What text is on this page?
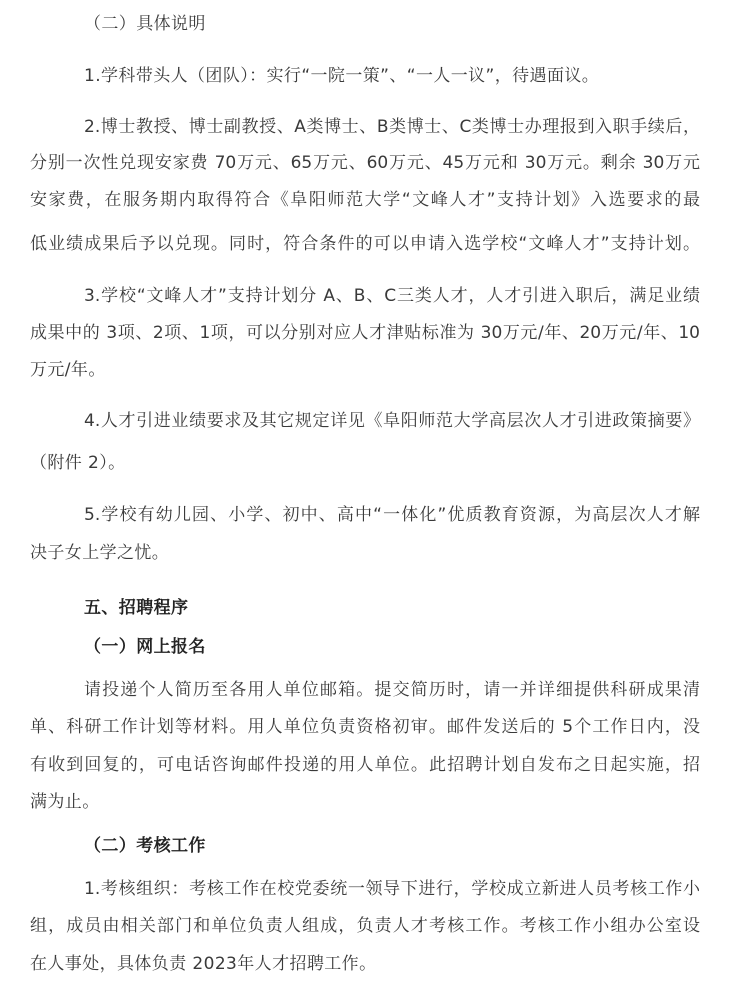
（二）具体说明
1.学科带头人（团队）：实行“一院一策”、“一人一议”，待遇面议。
2.博士教授、博士副教授、A类博士、B类博士、C类博士办理报到入职手续后，
分别一次性兑现安家费 70万元、65万元、60万元、45万元和 30万元。剩余 30万元
安家费，在服务期内取得符合《阜阳师范大学“文峰人才”支持计划》入选要求的最
低业绩成果后予以兑现。同时，符合条件的可以申请入选学校“文峰人才”支持计划。
3.学校“文峰人才”支持计划分 A、B、C三类人才，人才引进入职后，满足业绩
成果中的 3项、2项、1项，可以分别对应人才津贴标准为 30万元/年、20万元/年、10
万元/年。
4.人才引进业绩要求及其它规定详见《阜阳师范大学高层次人才引进政策摘要》
（附件 2）。
5.学校有幼儿园、小学、初中、高中“一体化”优质教育资源，为高层次人才解
决子女上学之忧。
五、招聘程序
（一）网上报名
请投递个人简历至各用人单位邮箱。提交简历时，请一并详细提供科研成果清
单、科研工作计划等材料。用人单位负责资格初审。邮件发送后的 5个工作日内，没
有收到回复的，可电话咨询邮件投递的用人单位。此招聘计划自发布之日起实施，招
满为止。
（二）考核工作
1.考核组织：考核工作在校党委统一领导下进行，学校成立新进人员考核工作小
组，成员由相关部门和单位负责人组成，负责人才考核工作。考核工作小组办公室设
在人事处，具体负责 2023年人才招聘工作。
